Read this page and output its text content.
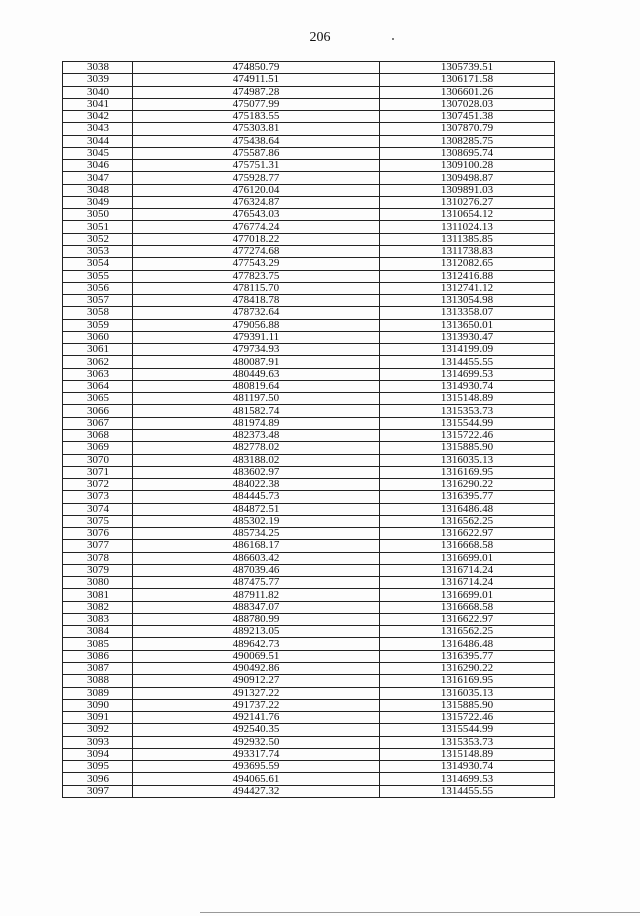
206
3038	474850.79	1305739.51
3039	474911.51	1306171.58
3040	474987.28	1306601.26
3041	475077.99	1307028.03
3042	475183.55	1307451.38
3043	475303.81	1307870.79
3044	475438.64	1308285.75
3045	475587.86	1308695.74
3046	475751.31	1309100.28
3047	475928.77	1309498.87
3048	476120.04	1309891.03
3049	476324.87	1310276.27
3050	476543.03	1310654.12
3051	476774.24	1311024.13
3052	477018.22	1311385.85
3053	477274.68	1311738.83
3054	477543.29	1312082.65
3055	477823.75	1312416.88
3056	478115.70	1312741.12
3057	478418.78	1313054.98
3058	478732.64	1313358.07
3059	479056.88	1313650.01
3060	479391.11	1313930.47
3061	479734.93	1314199.09
3062	480087.91	1314455.55
3063	480449.63	1314699.53
3064	480819.64	1314930.74
3065	481197.50	1315148.89
3066	481582.74	1315353.73
3067	481974.89	1315544.99
3068	482373.48	1315722.46
3069	482778.02	1315885.90
3070	483188.02	1316035.13
3071	483602.97	1316169.95
3072	484022.38	1316290.22
3073	484445.73	1316395.77
3074	484872.51	1316486.48
3075	485302.19	1316562.25
3076	485734.25	1316622.97
3077	486168.17	1316668.58
3078	486603.42	1316699.01
3079	487039.46	1316714.24
3080	487475.77	1316714.24
3081	487911.82	1316699.01
3082	488347.07	1316668.58
3083	488780.99	1316622.97
3084	489213.05	1316562.25
3085	489642.73	1316486.48
3086	490069.51	1316395.77
3087	490492.86	1316290.22
3088	490912.27	1316169.95
3089	491327.22	1316035.13
3090	491737.22	1315885.90
3091	492141.76	1315722.46
3092	492540.35	1315544.99
3093	492932.50	1315353.73
3094	493317.74	1315148.89
3095	493695.59	1314930.74
3096	494065.61	1314699.53
3097	494427.32	1314455.55
